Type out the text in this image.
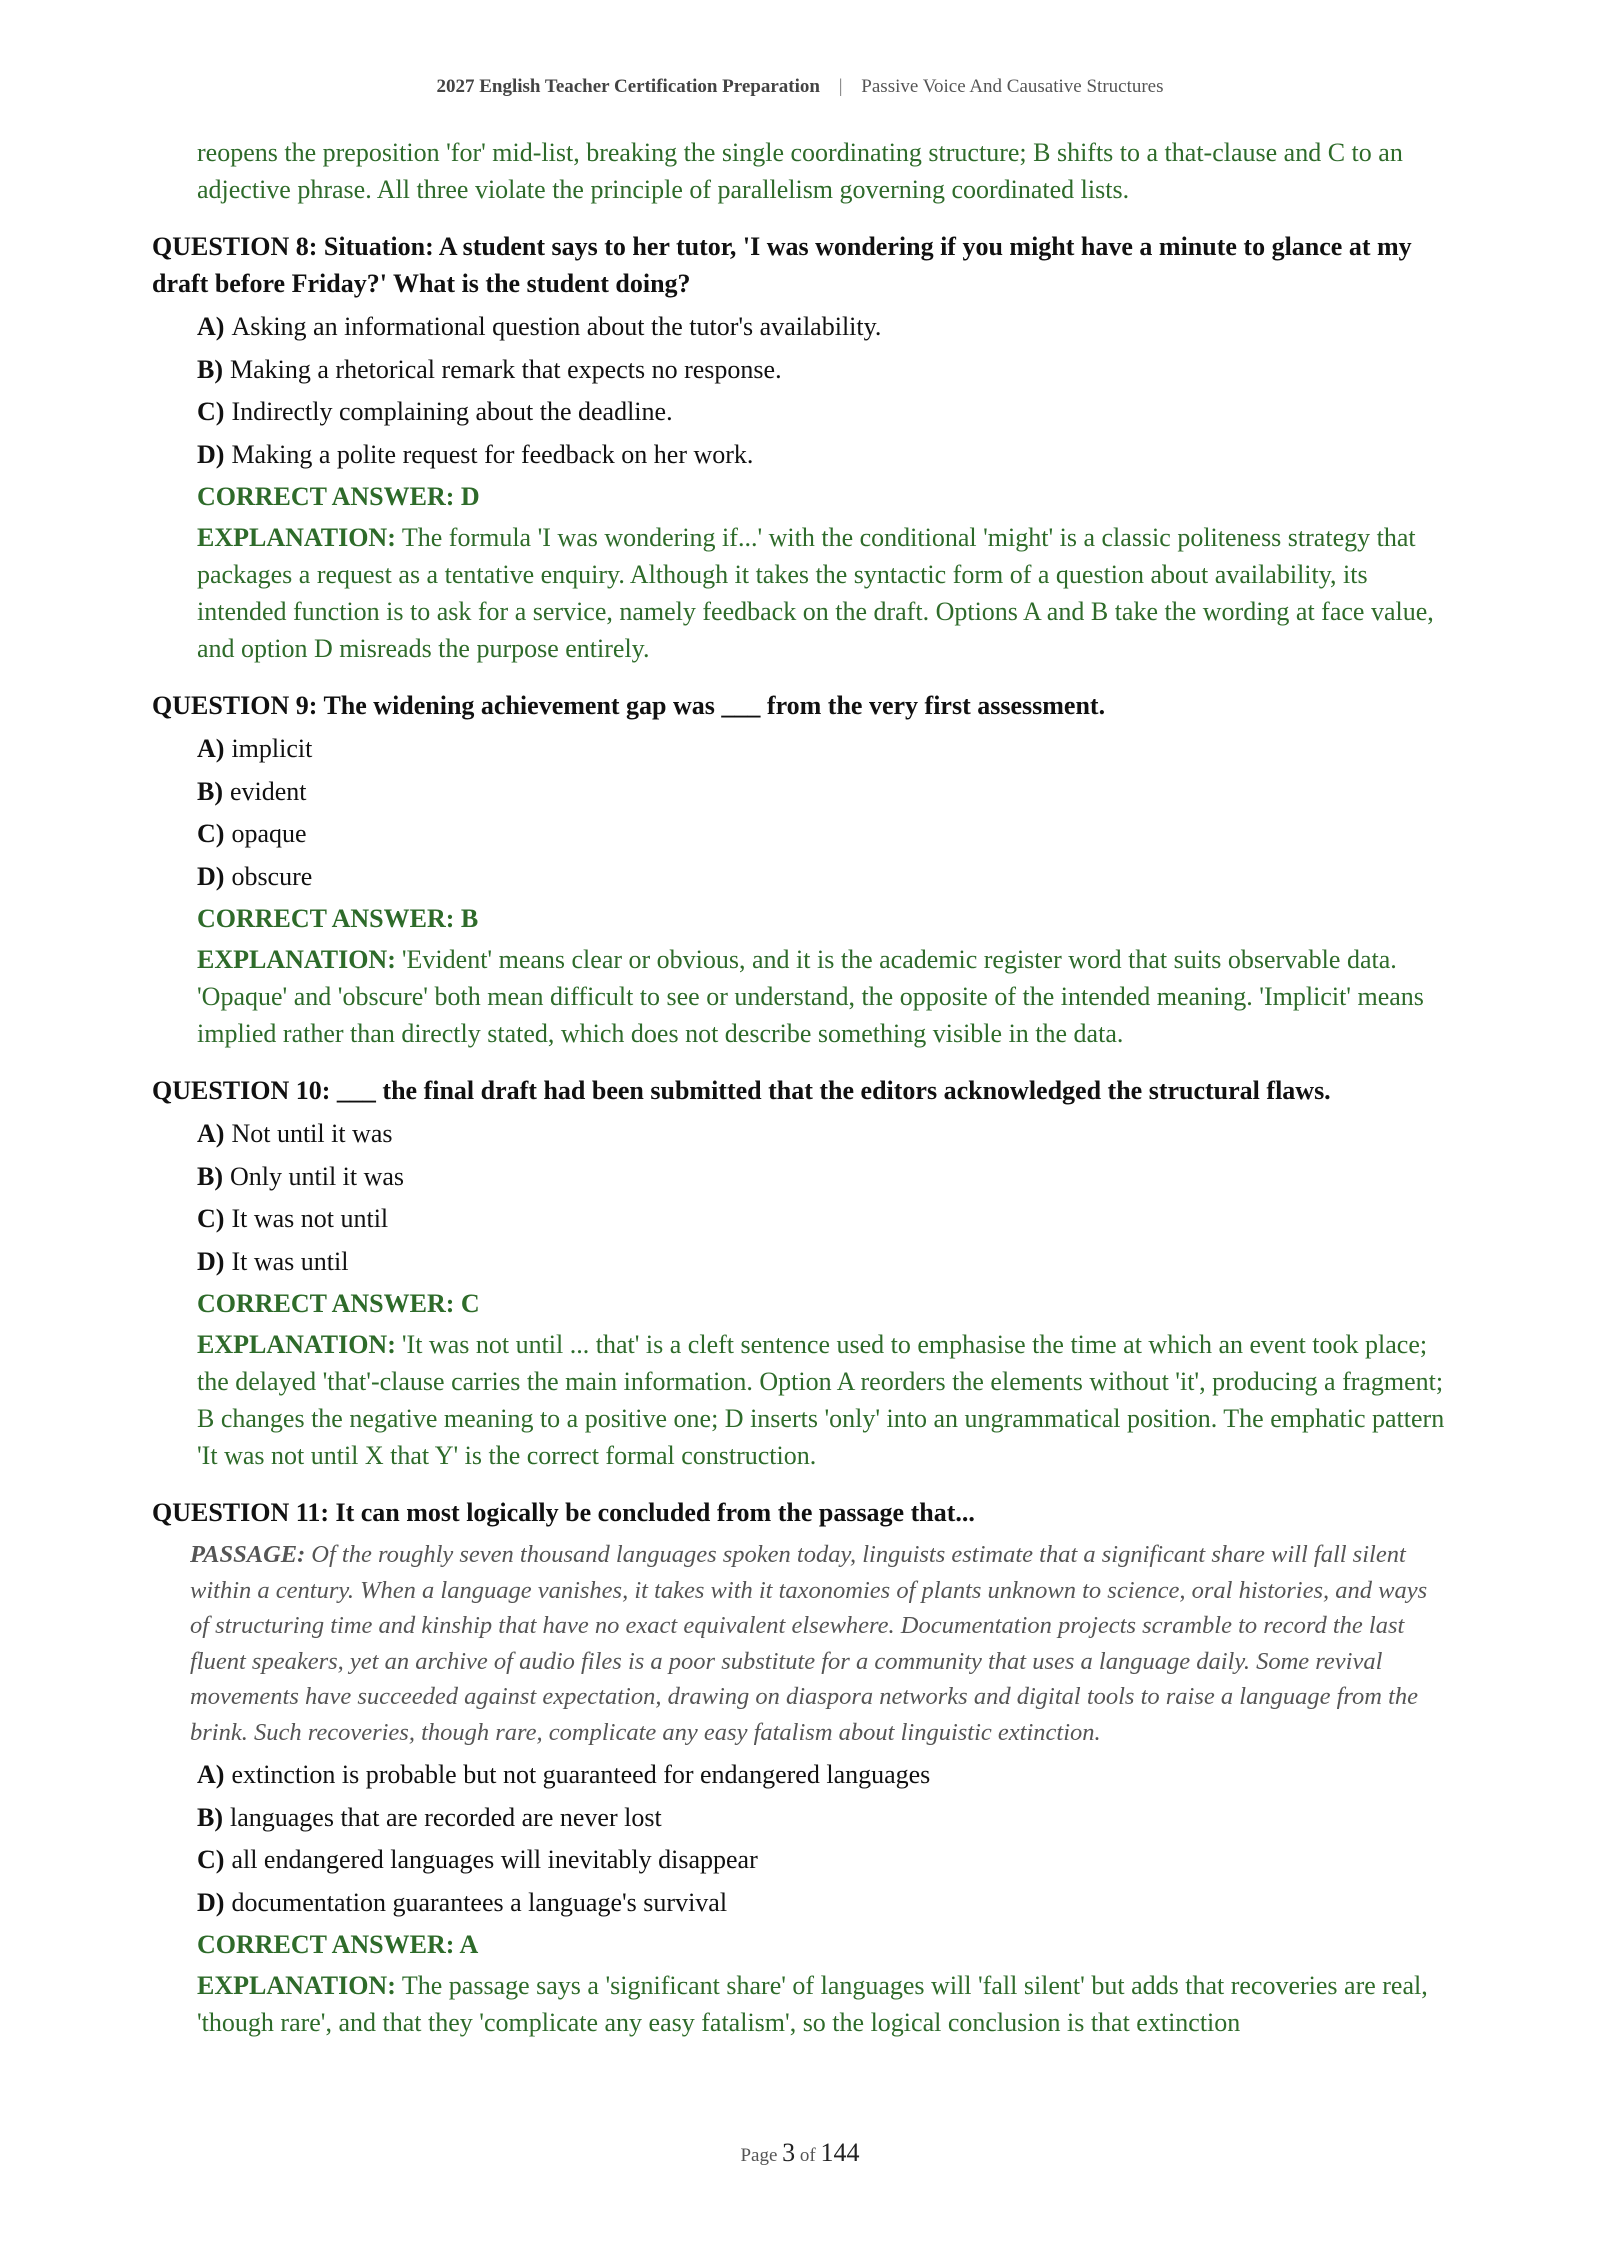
2027 English Teacher Certification Preparation | Passive Voice And Causative Structures
reopens the preposition 'for' mid-list, breaking the single coordinating structure; B shifts to a that-clause and C to an adjective phrase. All three violate the principle of parallelism governing coordinated lists.
QUESTION 8: Situation: A student says to her tutor, 'I was wondering if you might have a minute to glance at my draft before Friday?' What is the student doing?
A) Asking an informational question about the tutor's availability.
B) Making a rhetorical remark that expects no response.
C) Indirectly complaining about the deadline.
D) Making a polite request for feedback on her work.
CORRECT ANSWER: D
EXPLANATION: The formula 'I was wondering if...' with the conditional 'might' is a classic politeness strategy that packages a request as a tentative enquiry. Although it takes the syntactic form of a question about availability, its intended function is to ask for a service, namely feedback on the draft. Options A and B take the wording at face value, and option D misreads the purpose entirely.
QUESTION 9: The widening achievement gap was ___ from the very first assessment.
A) implicit
B) evident
C) opaque
D) obscure
CORRECT ANSWER: B
EXPLANATION: 'Evident' means clear or obvious, and it is the academic register word that suits observable data. 'Opaque' and 'obscure' both mean difficult to see or understand, the opposite of the intended meaning. 'Implicit' means implied rather than directly stated, which does not describe something visible in the data.
QUESTION 10: ___ the final draft had been submitted that the editors acknowledged the structural flaws.
A) Not until it was
B) Only until it was
C) It was not until
D) It was until
CORRECT ANSWER: C
EXPLANATION: 'It was not until ... that' is a cleft sentence used to emphasise the time at which an event took place; the delayed 'that'-clause carries the main information. Option A reorders the elements without 'it', producing a fragment; B changes the negative meaning to a positive one; D inserts 'only' into an ungrammatical position. The emphatic pattern 'It was not until X that Y' is the correct formal construction.
QUESTION 11: It can most logically be concluded from the passage that...
PASSAGE: Of the roughly seven thousand languages spoken today, linguists estimate that a significant share will fall silent within a century. When a language vanishes, it takes with it taxonomies of plants unknown to science, oral histories, and ways of structuring time and kinship that have no exact equivalent elsewhere. Documentation projects scramble to record the last fluent speakers, yet an archive of audio files is a poor substitute for a community that uses a language daily. Some revival movements have succeeded against expectation, drawing on diaspora networks and digital tools to raise a language from the brink. Such recoveries, though rare, complicate any easy fatalism about linguistic extinction.
A) extinction is probable but not guaranteed for endangered languages
B) languages that are recorded are never lost
C) all endangered languages will inevitably disappear
D) documentation guarantees a language's survival
CORRECT ANSWER: A
EXPLANATION: The passage says a 'significant share' of languages will 'fall silent' but adds that recoveries are real, 'though rare', and that they 'complicate any easy fatalism', so the logical conclusion is that extinction
Page 3 of 144
